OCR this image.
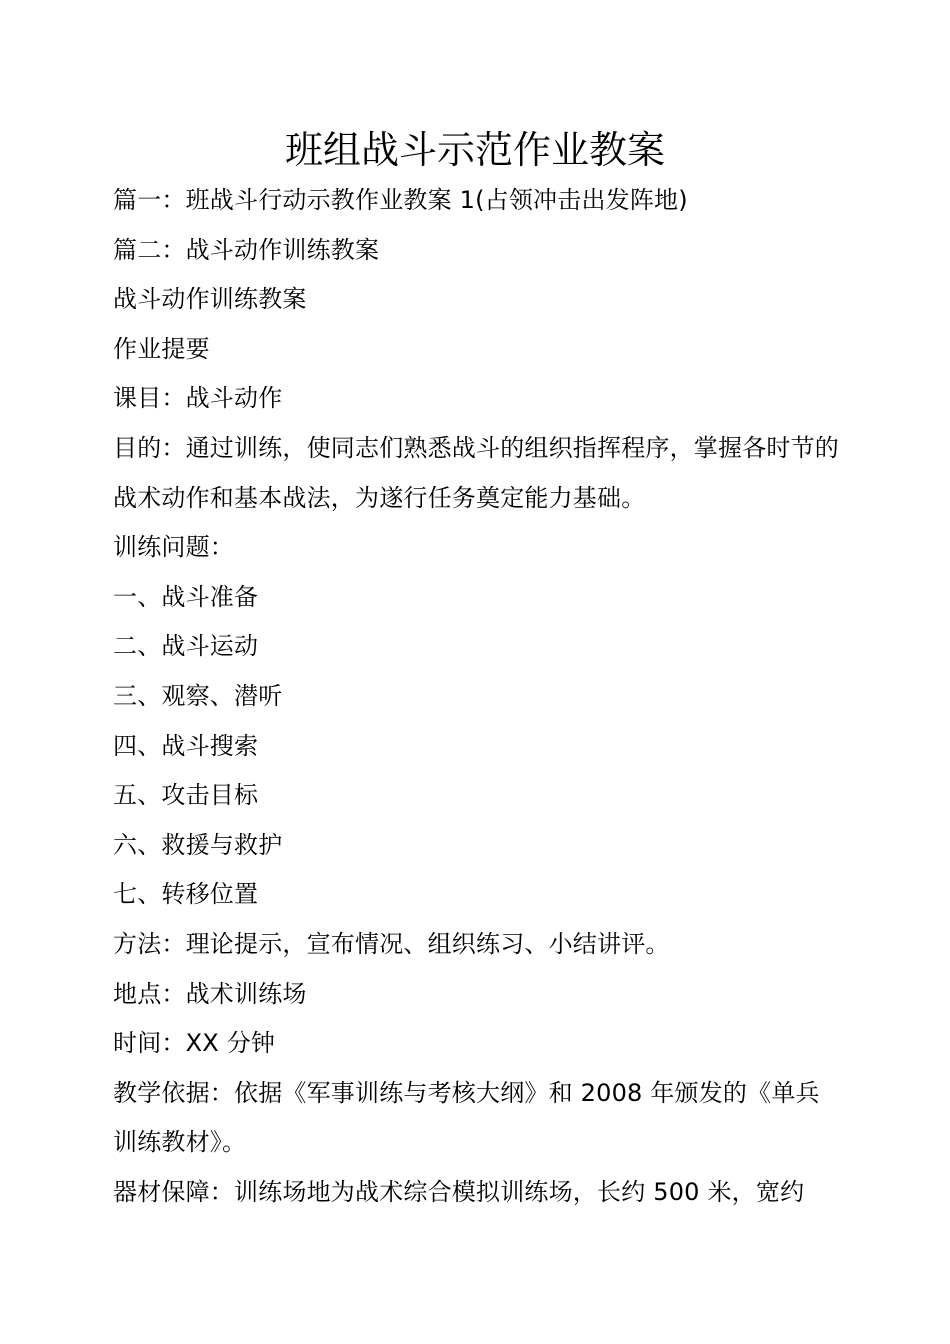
班组战斗示范作业教案

篇一：班战斗行动示教作业教案 1(占领冲击出发阵地)

篇二：战斗动作训练教案

战斗动作训练教案

作业提要

课目：战斗动作

目的：通过训练，使同志们熟悉战斗的组织指挥程序，掌握各时节的战术动作和基本战法，为遂行任务奠定能力基础。

训练问题：

一、战斗准备

二、战斗运动

三、观察、潜听

四、战斗搜索

五、攻击目标

六、救援与救护

七、转移位置

方法：理论提示，宣布情况、组织练习、小结讲评。

地点：战术训练场

时间：XX 分钟

教学依据：依据《军事训练与考核大纲》和 2008 年颁发的《单兵训练教材》。

器材保障：训练场地为战术综合模拟训练场，长约 500 米，宽约
